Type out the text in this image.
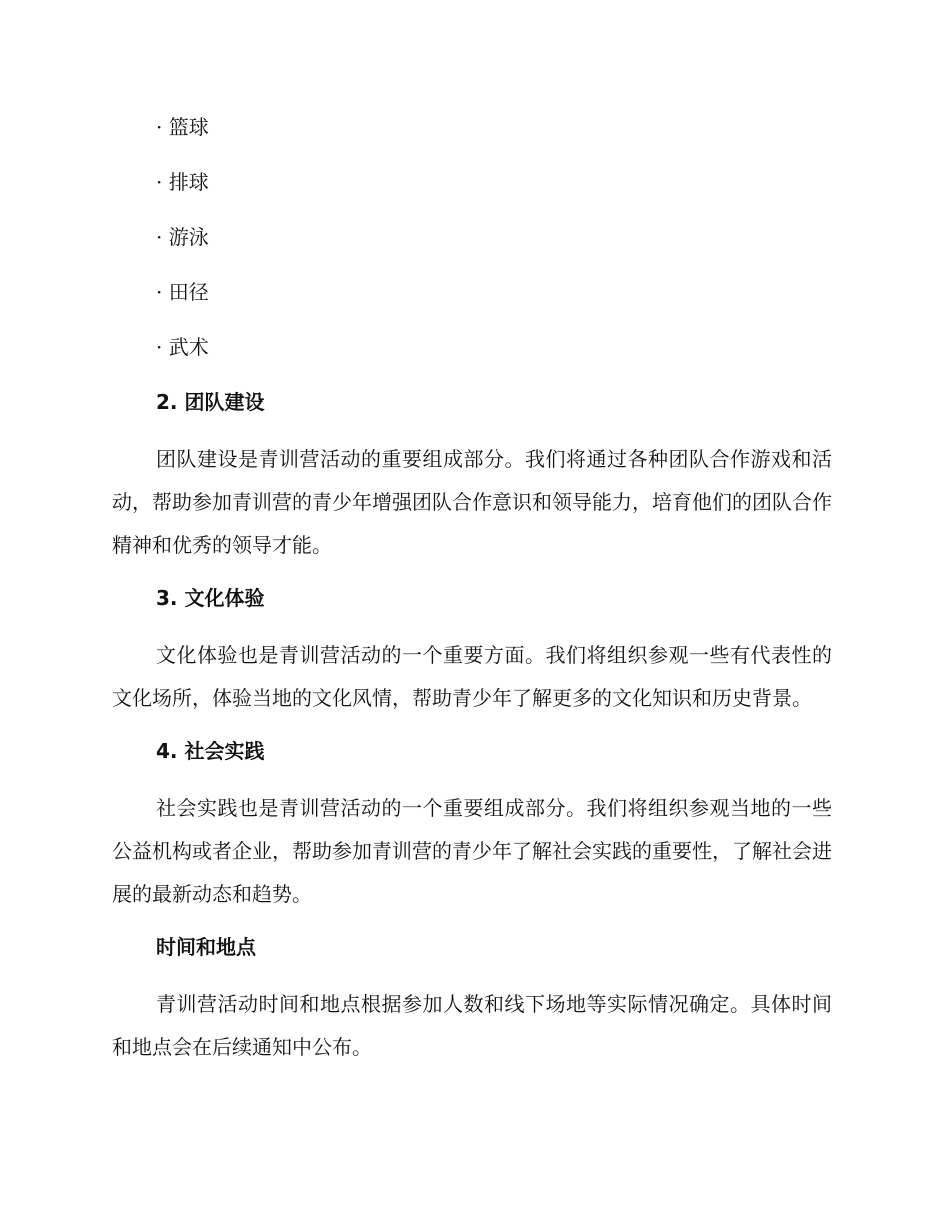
· 篮球
· 排球
· 游泳
· 田径
· 武术
2. 团队建设

团队建设是青训营活动的重要组成部分。我们将通过各种团队合作游戏和活动，帮助参加青训营的青少年增强团队合作意识和领导能力，培育他们的团队合作精神和优秀的领导才能。

3. 文化体验

文化体验也是青训营活动的一个重要方面。我们将组织参观一些有代表性的文化场所，体验当地的文化风情，帮助青少年了解更多的文化知识和历史背景。

4. 社会实践

社会实践也是青训营活动的一个重要组成部分。我们将组织参观当地的一些公益机构或者企业，帮助参加青训营的青少年了解社会实践的重要性，了解社会进展的最新动态和趋势。

时间和地点

青训营活动时间和地点根据参加人数和线下场地等实际情况确定。具体时间和地点会在后续通知中公布。
